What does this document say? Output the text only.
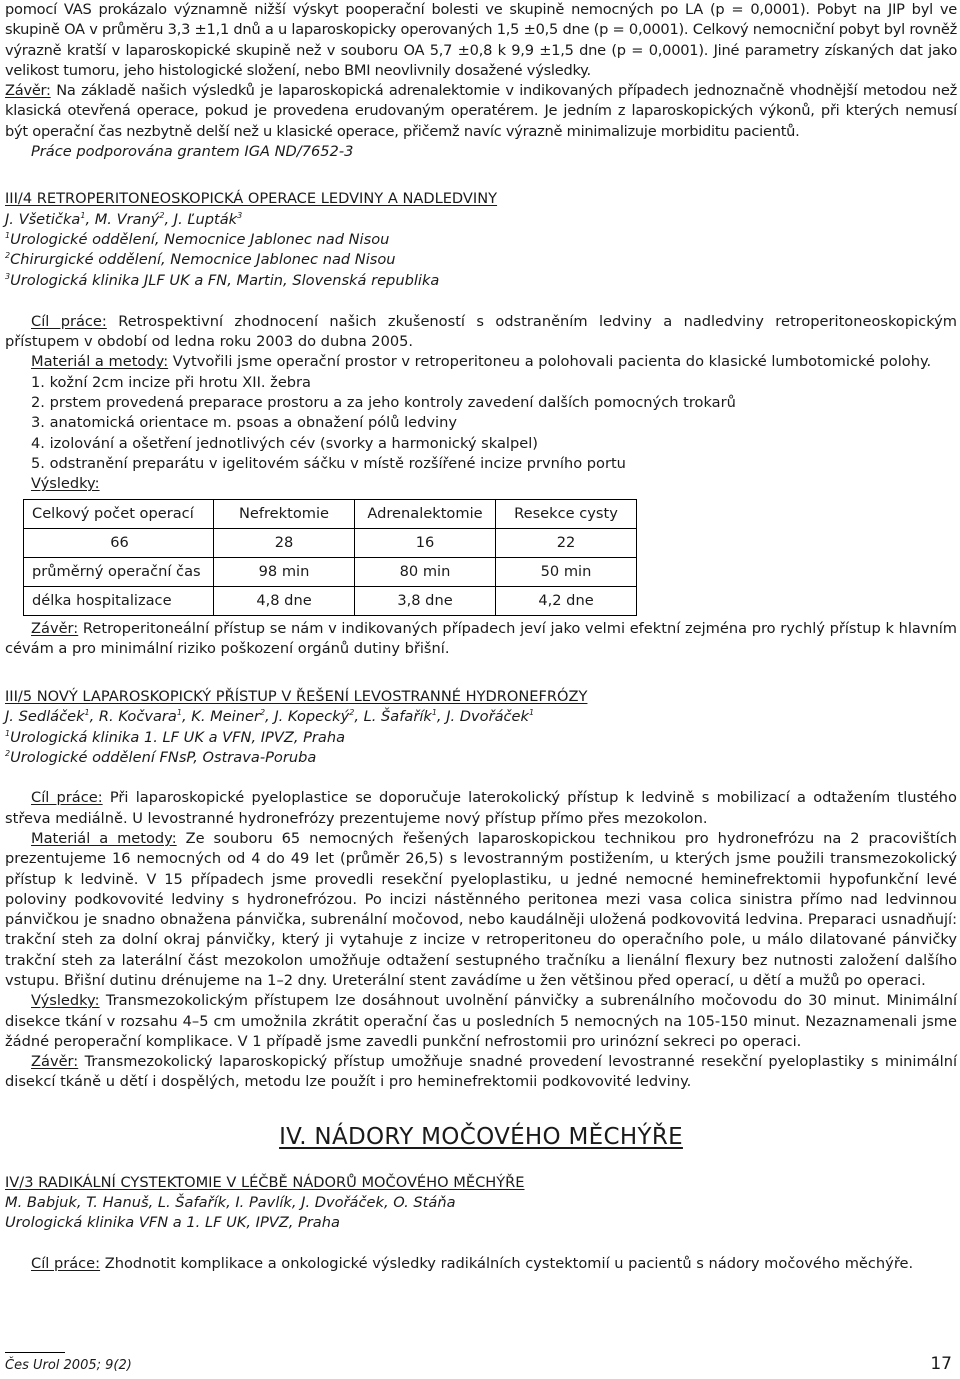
pomocí VAS prokázalo významně nižší výskyt pooperační bolesti ve skupině nemocných po LA (p = 0,0001). Pobyt na JIP byl ve skupině OA v průměru 3,3 ±1,1 dnů a u laparoskopicky operovaných 1,5 ±0,5 dne (p = 0,0001). Celkový nemocniční pobyt byl rovněž výrazně kratší v laparoskopické skupině než v souboru OA 5,7 ±0,8 k 9,9 ±1,5 dne (p = 0,0001). Jiné parametry získaných dat jako velikost tumoru, jeho histologické složení, nebo BMI neovlivnily dosažené výsledky.

Závěr: Na základě našich výsledků je laparoskopická adrenalektomie v indikovaných případech jednoznačně vhodnější metodou než klasická otevřená operace, pokud je provedena erudovaným operatérem. Je jedním z laparoskopických výkonů, při kterých nemusí být operační čas nezbytně delší než u klasické operace, přičemž navíc výrazně minimalizuje morbiditu pacientů.

Práce podporována grantem IGA ND/7652-3

III/4 RETROPERITONEOSKOPICKÁ OPERACE LEDVINY A NADLEDVINY

J. Všetička$^1$, M. Vraný$^2$, J. Ľupták$^3$

$^1$Urologické oddělení, Nemocnice Jablonec nad Nisou

$^2$Chirurgické oddělení, Nemocnice Jablonec nad Nisou

$^3$Urologická klinika JLF UK a FN, Martin, Slovenská republika

Cíl práce: Retrospektivní zhodnocení našich zkušeností s odstraněním ledviny a nadledviny retroperitoneoskopickým přístupem v období od ledna roku 2003 do dubna 2005.

Materiál a metody: Vytvořili jsme operační prostor v retroperitoneu a polohovali pacienta do klasické lumbotomické polohy.

1. kožní 2cm incize při hrotu XII. žebra

2. prstem provedená preparace prostoru a za jeho kontroly zavedení dalších pomocných trokarů

3. anatomická orientace m. psoas a obnažení pólů ledviny

4. izolování a ošetření jednotlivých cév (svorky a harmonický skalpel)

5. odstranění preparátu v igelitovém sáčku v místě rozšířené incize prvního portu

Výsledky:

Celkový počet operací	Nefrektomie	Adrenalektomie	Resekce cysty
66	28	16	22
průměrný operační čas	98 min	80 min	50 min
délka hospitalizace	4,8 dne	3,8 dne	4,2 dne

Závěr: Retroperitoneální přístup se nám v indikovaných případech jeví jako velmi efektní zejména pro rychlý přístup k hlavním cévám a pro minimální riziko poškození orgánů dutiny břišní.

III/5 NOVÝ LAPAROSKOPICKÝ PŘÍSTUP V ŘEŠENÍ LEVOSTRANNÉ HYDRONEFRÓZY

J. Sedláček$^1$, R. Kočvara$^1$, K. Meiner$^2$, J. Kopecký$^2$, L. Šafařík$^1$, J. Dvořáček$^1$

$^1$Urologická klinika 1. LF UK a VFN, IPVZ, Praha

$^2$Urologické oddělení FNsP, Ostrava-Poruba

Cíl práce: Při laparoskopické pyeloplastice se doporučuje laterokolický přístup k ledvině s mobilizací a odtažením tlustého střeva mediálně. U levostranné hydronefrózy prezentujeme nový přístup přímo přes mezokolon.

Materiál a metody: Ze souboru 65 nemocných řešených laparoskopickou technikou pro hydronefrózu na 2 pracovištích prezentujeme 16 nemocných od 4 do 49 let (průměr 26,5) s levostranným postižením, u kterých jsme použili transmezokolický přístup k ledvině. V 15 případech jsme provedli resekční pyeloplastiku, u jedné nemocné heminefrektomii hypofunkční levé poloviny podkovovité ledviny s hydronefrózou. Po incizi nástěnného peritonea mezi vasa colica sinistra přímo nad ledvinnou pánvičkou je snadno obnažena pánvička, subrenální močovod, nebo kaudálněji uložená podkovovitá ledvina. Preparaci usnadňují: trakční steh za dolní okraj pánvičky, který ji vytahuje z incize v retroperitoneu do operačního pole, u málo dilatované pánvičky trakční steh za laterální část mezokolon umožňuje odtažení sestupného tračníku a lienální flexury bez nutnosti založení dalšího vstupu. Břišní dutinu drénujeme na 1–2 dny. Ureterální stent zavádíme u žen většinou před operací, u dětí a mužů po operaci.

Výsledky: Transmezokolickým přístupem lze dosáhnout uvolnění pánvičky a subrenálního močovodu do 30 minut. Minimální disekce tkání v rozsahu 4–5 cm umožnila zkrátit operační čas u posledních 5 nemocných na 105-150 minut. Nezaznamenali jsme žádné peroperační komplikace. V 1 případě jsme zavedli punkční nefrostomii pro urinózní sekreci po operaci.

Závěr: Transmezokolický laparoskopický přístup umožňuje snadné provedení levostranné resekční pyeloplastiky s minimální disekcí tkáně u dětí i dospělých, metodu lze použít i pro heminefrektomii podkovovité ledviny.

IV. NÁDORY MOČOVÉHO MĚCHÝŘE

IV/3 RADIKÁLNÍ CYSTEKTOMIE V LÉČBĚ NÁDORŮ MOČOVÉHO MĚCHÝŘE

M. Babjuk, T. Hanuš, L. Šafařík, I. Pavlík, J. Dvořáček, O. Stáňa

Urologická klinika VFN a 1. LF UK, IPVZ, Praha

Cíl práce: Zhodnotit komplikace a onkologické výsledky radikálních cystektomií u pacientů s nádory močového měchýře.

Čes Urol 2005; 9(2)	17
